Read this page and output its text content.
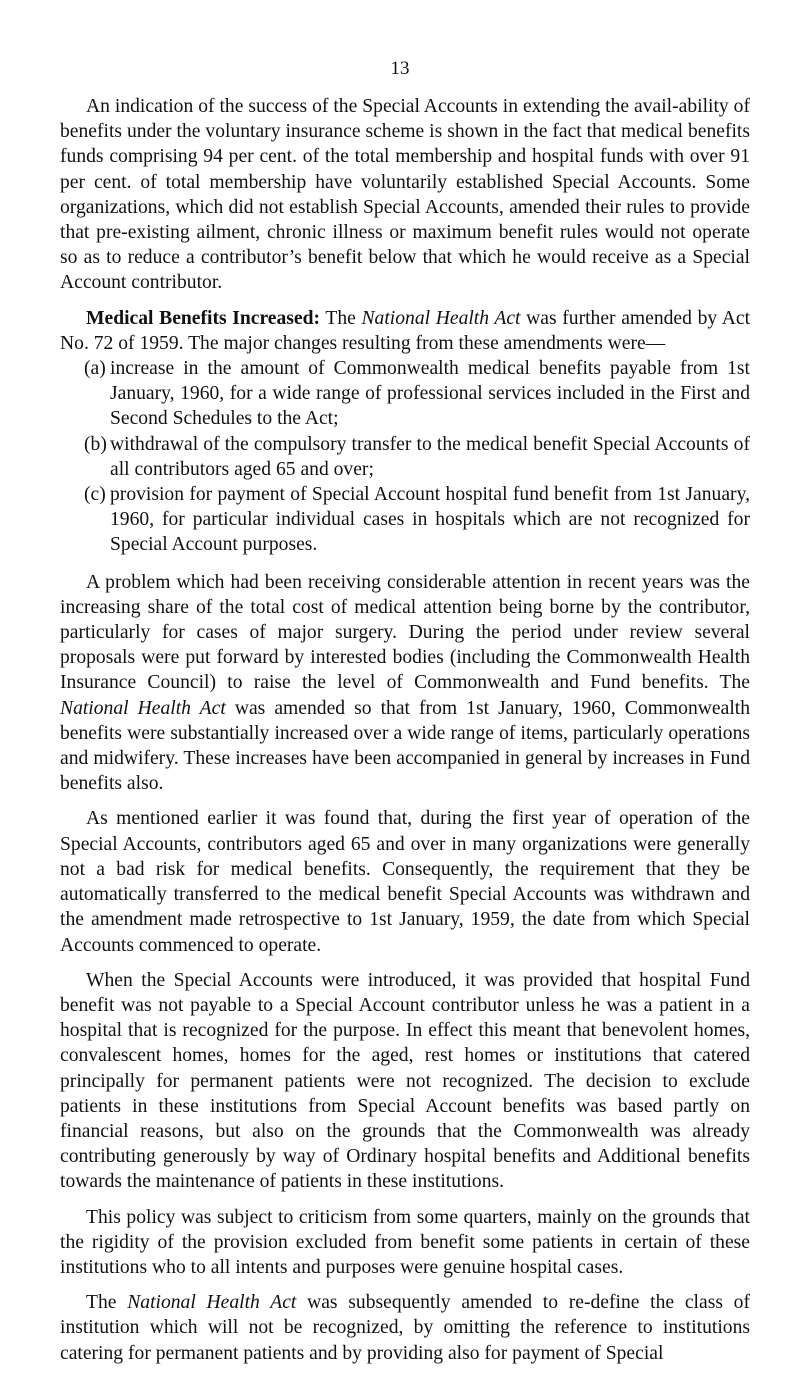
13

An indication of the success of the Special Accounts in extending the avail-ability of benefits under the voluntary insurance scheme is shown in the fact that medical benefits funds comprising 94 per cent. of the total membership and hospital funds with over 91 per cent. of total membership have voluntarily established Special Accounts. Some organizations, which did not establish Special Accounts, amended their rules to provide that pre-existing ailment, chronic illness or maximum benefit rules would not operate so as to reduce a contributor’s benefit below that which he would receive as a Special Account contributor.

Medical Benefits Increased: The National Health Act was further amended by Act No. 72 of 1959. The major changes resulting from these amendments were—

(a) increase in the amount of Commonwealth medical benefits payable from 1st January, 1960, for a wide range of professional services included in the First and Second Schedules to the Act;
(b) withdrawal of the compulsory transfer to the medical benefit Special Accounts of all contributors aged 65 and over;
(c) provision for payment of Special Account hospital fund benefit from 1st January, 1960, for particular individual cases in hospitals which are not recognized for Special Account purposes.

A problem which had been receiving considerable attention in recent years was the increasing share of the total cost of medical attention being borne by the contributor, particularly for cases of major surgery. During the period under review several proposals were put forward by interested bodies (including the Commonwealth Health Insurance Council) to raise the level of Commonwealth and Fund benefits. The National Health Act was amended so that from 1st January, 1960, Commonwealth benefits were substantially increased over a wide range of items, particularly operations and midwifery. These increases have been accompanied in general by increases in Fund benefits also.

As mentioned earlier it was found that, during the first year of operation of the Special Accounts, contributors aged 65 and over in many organizations were generally not a bad risk for medical benefits. Consequently, the requirement that they be automatically transferred to the medical benefit Special Accounts was withdrawn and the amendment made retrospective to 1st January, 1959, the date from which Special Accounts commenced to operate.

When the Special Accounts were introduced, it was provided that hospital Fund benefit was not payable to a Special Account contributor unless he was a patient in a hospital that is recognized for the purpose. In effect this meant that benevolent homes, convalescent homes, homes for the aged, rest homes or institutions that catered principally for permanent patients were not recognized. The decision to exclude patients in these institutions from Special Account benefits was based partly on financial reasons, but also on the grounds that the Commonwealth was already contributing generously by way of Ordinary hospital benefits and Additional benefits towards the maintenance of patients in these institutions.

This policy was subject to criticism from some quarters, mainly on the grounds that the rigidity of the provision excluded from benefit some patients in certain of these institutions who to all intents and purposes were genuine hospital cases.

The National Health Act was subsequently amended to re-define the class of institution which will not be recognized, by omitting the reference to institutions catering for permanent patients and by providing also for payment of Special
